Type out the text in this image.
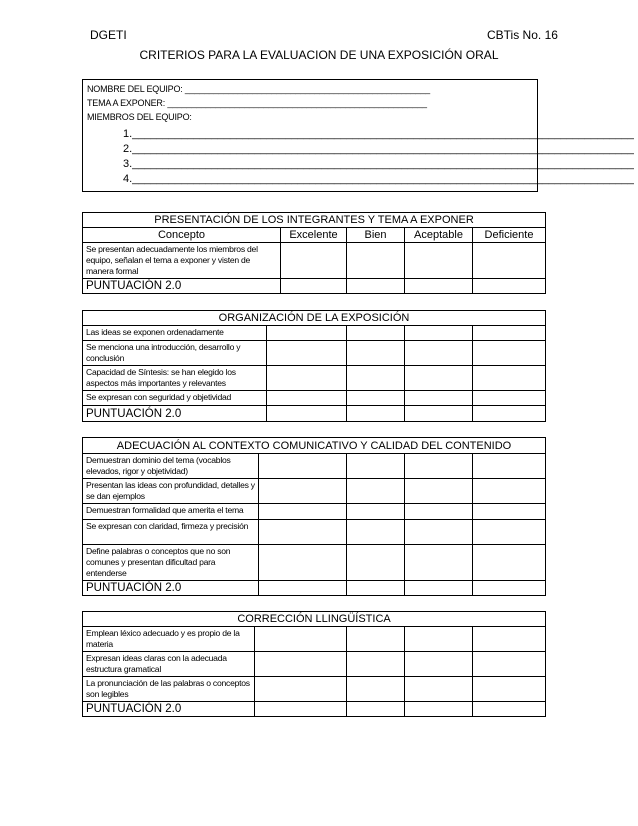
DGETI	CBTis No. 16
CRITERIOS PARA LA EVALUACION DE UNA EXPOSICIÓN ORAL
NOMBRE DEL EQUIPO: ___________________________________________________
TEMA A EXPONER: ______________________________________________________
MIEMBROS DEL EQUIPO:
1.__________________________________________________________________________________
2.__________________________________________________________________________________
3.__________________________________________________________________________________
4.__________________________________________________________________________________
PRESENTACIÓN DE LOS INTEGRANTES Y TEMA A EXPONER				
Concepto	Excelente	Bien	Aceptable	Deficiente
Se presentan adecuadamente los miembros del equipo, señalan el tema a exponer y visten de manera formal				
PUNTUACIÓN 2.0				
ORGANIZACIÓN DE LA EXPOSICIÓN				
Las ideas se exponen ordenadamente				
Se menciona una introducción, desarrollo y conclusión				
Capacidad de Síntesis: se han elegido los aspectos más importantes y relevantes				
Se expresan con seguridad y objetividad				
PUNTUACIÓN 2.0				
ADECUACIÓN AL CONTEXTO COMUNICATIVO Y CALIDAD DEL CONTENIDO				
Demuestran dominio del tema (vocablos elevados, rigor y objetividad)				
Presentan las ideas con profundidad, detalles y se dan ejemplos				
Demuestran formalidad que amerita el tema				
Se expresan con claridad, firmeza y precisión				
Define palabras o conceptos que no son comunes y presentan dificultad para entenderse				
PUNTUACIÓN 2.0				
CORRECCIÓN LLINGÜÍSTICA				
Emplean léxico adecuado y es propio de la materia				
Expresan ideas claras con la adecuada estructura gramatical				
La pronunciación de las palabras o conceptos son legibles				
PUNTUACIÓN 2.0				
